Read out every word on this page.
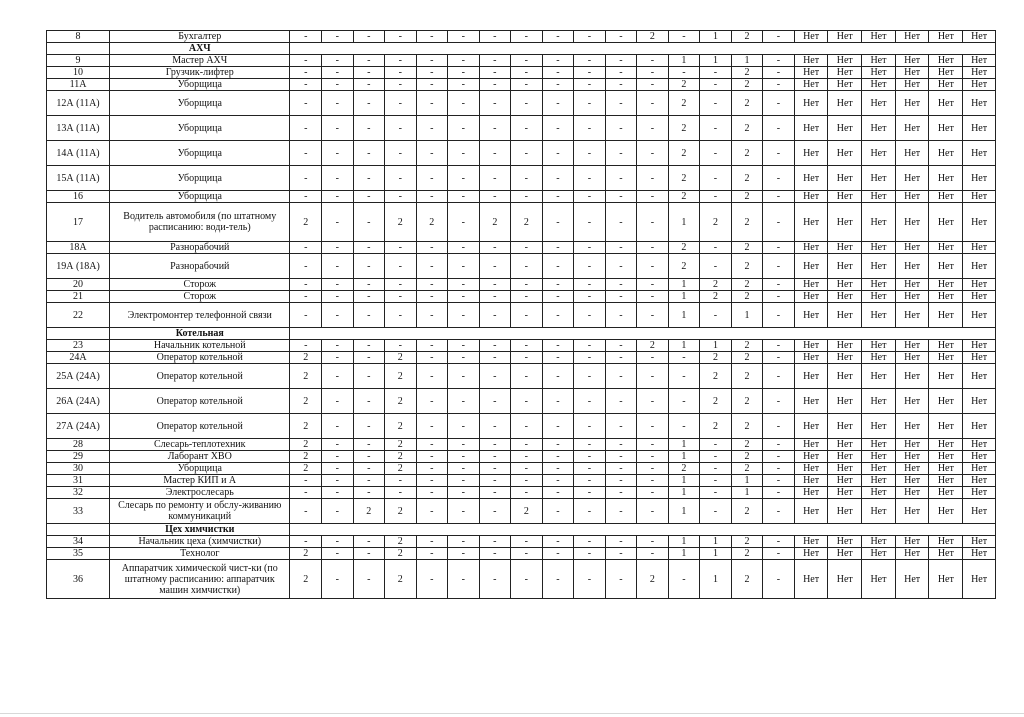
8	Бухгалтер	-	-	-	-	-	-	-	-	-	-	-	2	-	1	2	-	Нет	Нет	Нет	Нет	Нет	Нет
	АХЧ																						
9	Мастер АХЧ	-	-	-	-	-	-	-	-	-	-	-	-	1	1	1	-	Нет	Нет	Нет	Нет	Нет	Нет
10	Грузчик-лифтер	-	-	-	-	-	-	-	-	-	-	-	-	-	-	2	-	Нет	Нет	Нет	Нет	Нет	Нет
11А	Уборщица	-	-	-	-	-	-	-	-	-	-	-	-	2	-	2	-	Нет	Нет	Нет	Нет	Нет	Нет
12А (11А)	Уборщица	-	-	-	-	-	-	-	-	-	-	-	-	2	-	2	-	Нет	Нет	Нет	Нет	Нет	Нет
13А (11А)	Уборщица	-	-	-	-	-	-	-	-	-	-	-	-	2	-	2	-	Нет	Нет	Нет	Нет	Нет	Нет
14А (11А)	Уборщица	-	-	-	-	-	-	-	-	-	-	-	-	2	-	2	-	Нет	Нет	Нет	Нет	Нет	Нет
15А (11А)	Уборщица	-	-	-	-	-	-	-	-	-	-	-	-	2	-	2	-	Нет	Нет	Нет	Нет	Нет	Нет
16	Уборщица	-	-	-	-	-	-	-	-	-	-	-	-	2	-	2	-	Нет	Нет	Нет	Нет	Нет	Нет
17	Водитель автомобиля (по штатному расписанию: води-тель)	2	-	-	2	2	-	2	2	-	-	-	-	1	2	2	-	Нет	Нет	Нет	Нет	Нет	Нет
18А	Разнорабочий	-	-	-	-	-	-	-	-	-	-	-	-	2	-	2	-	Нет	Нет	Нет	Нет	Нет	Нет
19А (18А)	Разнорабочий	-	-	-	-	-	-	-	-	-	-	-	-	2	-	2	-	Нет	Нет	Нет	Нет	Нет	Нет
20	Сторож	-	-	-	-	-	-	-	-	-	-	-	-	1	2	2	-	Нет	Нет	Нет	Нет	Нет	Нет
21	Сторож	-	-	-	-	-	-	-	-	-	-	-	-	1	2	2	-	Нет	Нет	Нет	Нет	Нет	Нет
22	Электромонтер телефонной связи	-	-	-	-	-	-	-	-	-	-	-	-	1	-	1	-	Нет	Нет	Нет	Нет	Нет	Нет
	Котельная																						
23	Начальник котельной	-	-	-	-	-	-	-	-	-	-	-	2	1	1	2	-	Нет	Нет	Нет	Нет	Нет	Нет
24А	Оператор котельной	2	-	-	2	-	-	-	-	-	-	-	-	-	2	2	-	Нет	Нет	Нет	Нет	Нет	Нет
25А (24А)	Оператор котельной	2	-	-	2	-	-	-	-	-	-	-	-	-	2	2	-	Нет	Нет	Нет	Нет	Нет	Нет
26А (24А)	Оператор котельной	2	-	-	2	-	-	-	-	-	-	-	-	-	2	2	-	Нет	Нет	Нет	Нет	Нет	Нет
27А (24А)	Оператор котельной	2	-	-	2	-	-	-	-	-	-	-	-	-	2	2	-	Нет	Нет	Нет	Нет	Нет	Нет
28	Слесарь-теплотехник	2	-	-	2	-	-	-	-	-	-	-	-	1	-	2	-	Нет	Нет	Нет	Нет	Нет	Нет
29	Лаборант ХВО	2	-	-	2	-	-	-	-	-	-	-	-	1	-	2	-	Нет	Нет	Нет	Нет	Нет	Нет
30	Уборщица	2	-	-	2	-	-	-	-	-	-	-	-	2	-	2	-	Нет	Нет	Нет	Нет	Нет	Нет
31	Мастер КИП и А	-	-	-	-	-	-	-	-	-	-	-	-	1	-	1	-	Нет	Нет	Нет	Нет	Нет	Нет
32	Электрослесарь	-	-	-	-	-	-	-	-	-	-	-	-	1	-	1	-	Нет	Нет	Нет	Нет	Нет	Нет
33	Слесарь по ремонту и обслу-живанию коммуникаций	-	-	2	2	-	-	-	2	-	-	-	-	1	-	2	-	Нет	Нет	Нет	Нет	Нет	Нет
	Цех химчистки																						
34	Начальник цеха (химчистки)	-	-	-	2	-	-	-	-	-	-	-	-	1	1	2	-	Нет	Нет	Нет	Нет	Нет	Нет
35	Технолог	2	-	-	2	-	-	-	-	-	-	-	-	1	1	2	-	Нет	Нет	Нет	Нет	Нет	Нет
36	Аппаратчик химической чист-ки (по штатному расписанию: аппаратчик машин химчистки)	2	-	-	2	-	-	-	-	-	-	-	2	-	1	2	-	Нет	Нет	Нет	Нет	Нет	Нет
